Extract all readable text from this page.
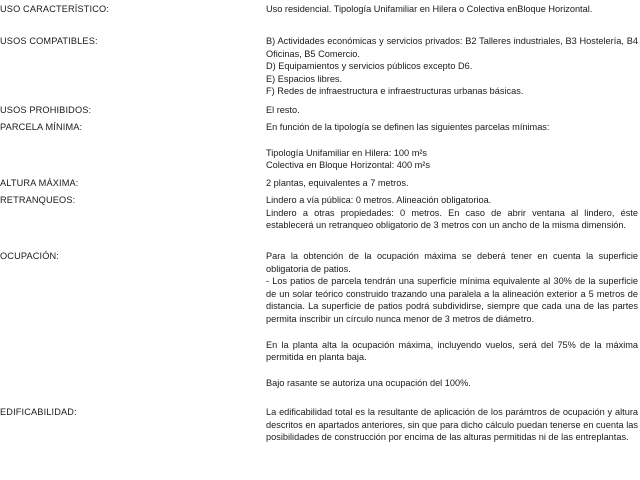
USO CARACTERÍSTICO:	Uso residencial. Tipología Unifamiliar en Hilera o Colectiva enBloque Horizontal.

USOS COMPATIBLES:	B) Actividades económicas y servicios privados: B2 Talleres industriales, B3 Hostelería, B4 Oficinas, B5 Comercio.

D) Equipamientos y servicios públicos excepto D6.

E) Espacios libres.

F) Redes de infraestructura e infraestructuras urbanas básicas.

USOS PROHIBIDOS:	El resto.

PARCELA MÍNIMA:	En función de la tipología se definen las siguientes parcelas mínimas:

Tipología Unifamiliar en Hilera: 100 m²s

Colectiva en Bloque Horizontal: 400 m²s

ALTURA MÁXIMA:	2 plantas, equivalentes a 7 metros.

RETRANQUEOS:	Lindero a vía pública: 0 metros. Alineación obligatorioa.

Lindero a otras propiedades: 0 metros. En caso de abrir ventana al lindero, éste establecerá un retranqueo obligatorio de 3 metros con un ancho de la misma dimensión.

OCUPACIÓN:	Para la obtención de la ocupación máxima se deberá tener en cuenta la superficie obligatoria de patios.

- Los patios de parcela tendrán una superficie mínima equivalente al 30% de la superficie de un solar teórico construido trazando una paralela a la alineación exterior a 5 metros de distancia. La superficie de patios podrá subdividirse, siempre que cada una de las partes permita inscribir un círculo nunca menor de 3 metros de diámetro.

En la planta alta la ocupación máxima, incluyendo vuelos, será del 75% de la máxima permitida en planta baja.

Bajo rasante se autoriza una ocupación del 100%.

EDIFICABILIDAD:	La edificabilidad total es la resultante de aplicación de los parámtros de ocupación y altura descritos en apartados anteriores, sin que para dicho cálculo puedan tenerse en cuenta las posibilidades de construcción por encima de las alturas permitidas ni de las entreplantas.
